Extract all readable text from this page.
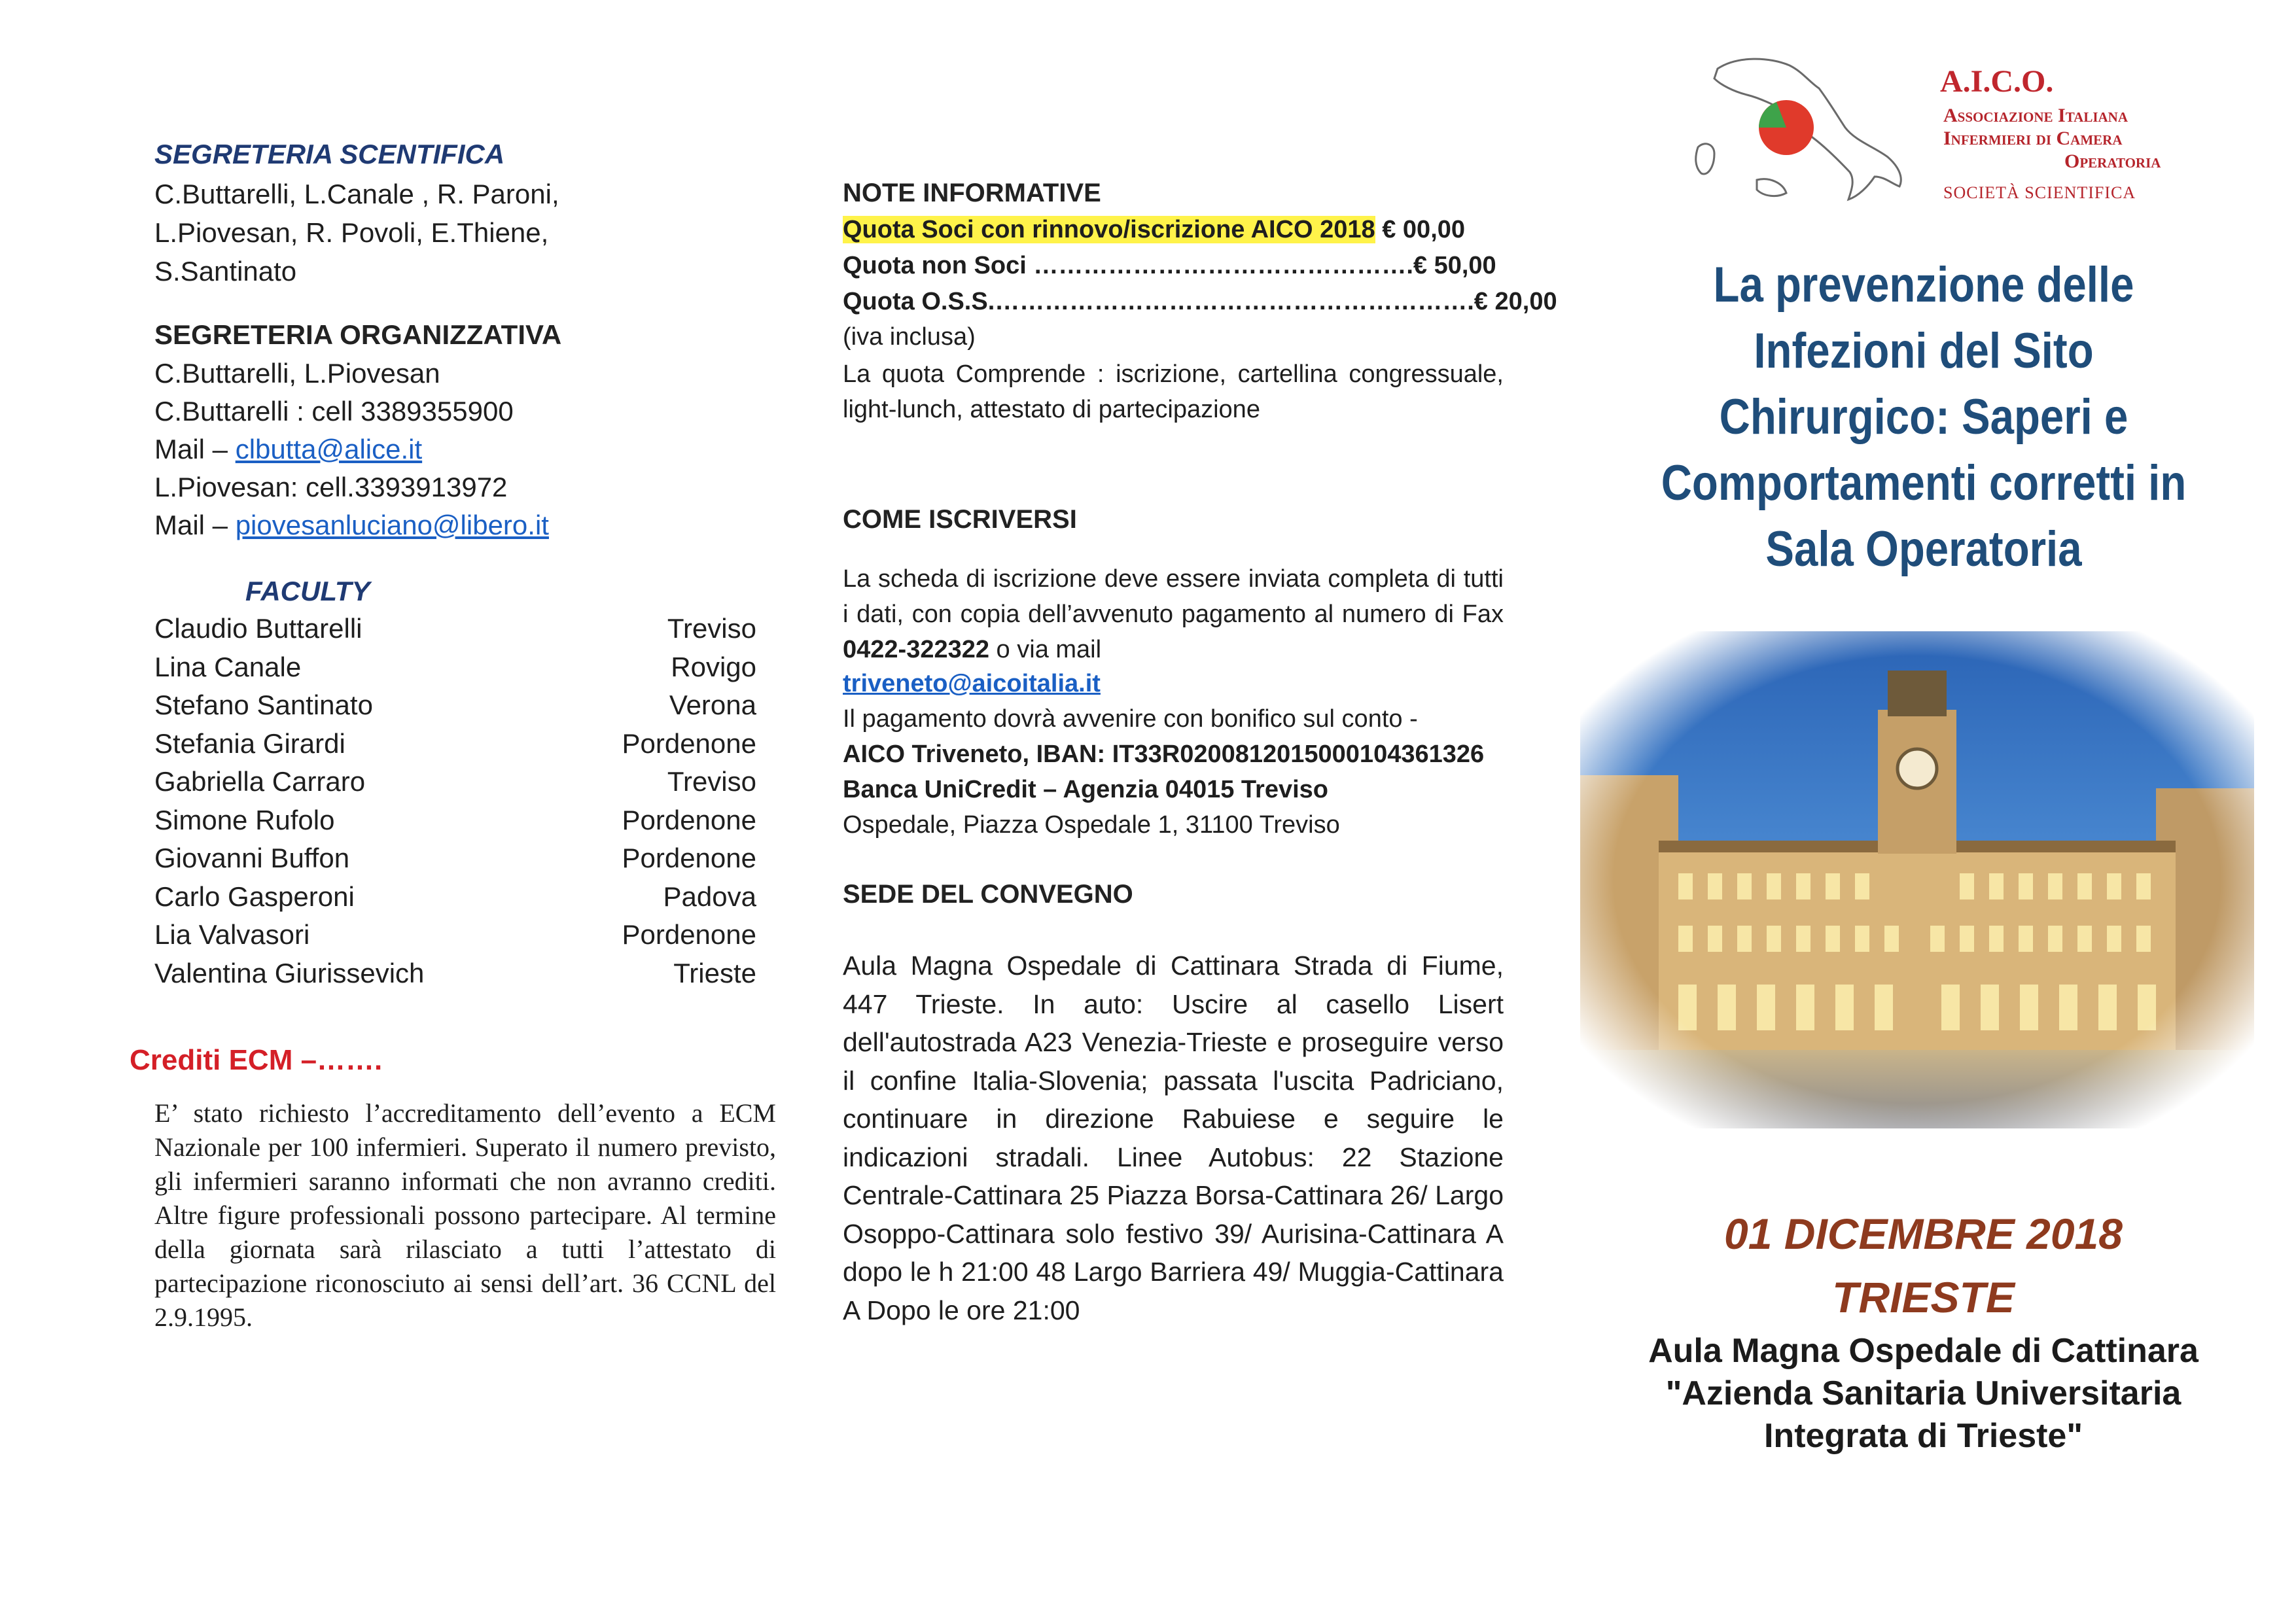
SEGRETERIA SCENTIFICA
C.Buttarelli, L.Canale , R. Paroni,
L.Piovesan, R. Povoli, E.Thiene,
S.Santinato
SEGRETERIA ORGANIZZATIVA
C.Buttarelli, L.Piovesan
C.Buttarelli : cell 3389355900
Mail – clbutta@alice.it
L.Piovesan: cell.3393913972
Mail – piovesanluciano@libero.it
FACULTY
Claudio Buttarelli	Treviso
Lina Canale	Rovigo
Stefano Santinato	Verona
Stefania Girardi	Pordenone
Gabriella Carraro	Treviso
Simone Rufolo	Pordenone
Giovanni Buffon	Pordenone
Carlo Gasperoni	Padova
Lia Valvasori	Pordenone
Valentina Giurissevich	Trieste
Crediti ECM –…….
E’ stato richiesto l’accreditamento dell’evento a ECM Nazionale per 100 infermieri. Superato il numero previsto, gli infermieri saranno informati che non avranno crediti. Altre figure professionali possono partecipare. Al termine della giornata sarà rilasciato a tutti l’attestato di partecipazione riconosciuto ai sensi dell’art. 36 CCNL del 2.9.1995.
NOTE INFORMATIVE
Quota Soci con rinnovo/iscrizione AICO 2018 € 00,00
Quota non Soci ……………………………………….€ 50,00
Quota O.S.S.………………………………………………….€ 20,00
(iva inclusa)
La quota Comprende : iscrizione, cartellina congressuale, light-lunch, attestato di partecipazione
COME ISCRIVERSI
La scheda di iscrizione deve essere inviata completa di tutti i dati, con copia dell’avvenuto pagamento al numero di Fax 0422-322322 o via mail
triveneto@aicoitalia.it
Il pagamento dovrà avvenire con bonifico sul conto -
AICO Triveneto, IBAN: IT33R0200812015000104361326
Banca UniCredit – Agenzia 04015 Treviso
Ospedale, Piazza Ospedale 1, 31100 Treviso
SEDE DEL CONVEGNO
Aula Magna Ospedale di Cattinara Strada di Fiume, 447 Trieste. In auto: Uscire al casello Lisert dell'autostrada A23 Venezia-Trieste e proseguire verso il confine Italia-Slovenia; passata l'uscita Padriciano, continuare in direzione Rabuiese e seguire le indicazioni stradali. Linee Autobus: 22 Stazione Centrale-Cattinara 25 Piazza Borsa-Cattinara 26/ Largo Osoppo-Cattinara solo festivo 39/ Aurisina-Cattinara A dopo le h 21:00 48 Largo Barriera 49/ Muggia-Cattinara A Dopo le ore 21:00
A.I.C.O.
Associazione Italiana
Infermieri di Camera
Operatoria
SOCIETÀ SCIENTIFICA
La prevenzione delle
Infezioni del Sito
Chirurgico: Saperi e
Comportamenti corretti in
Sala Operatoria
01 DICEMBRE 2018
TRIESTE
Aula Magna Ospedale di Cattinara
"Azienda Sanitaria Universitaria
Integrata di Trieste"
